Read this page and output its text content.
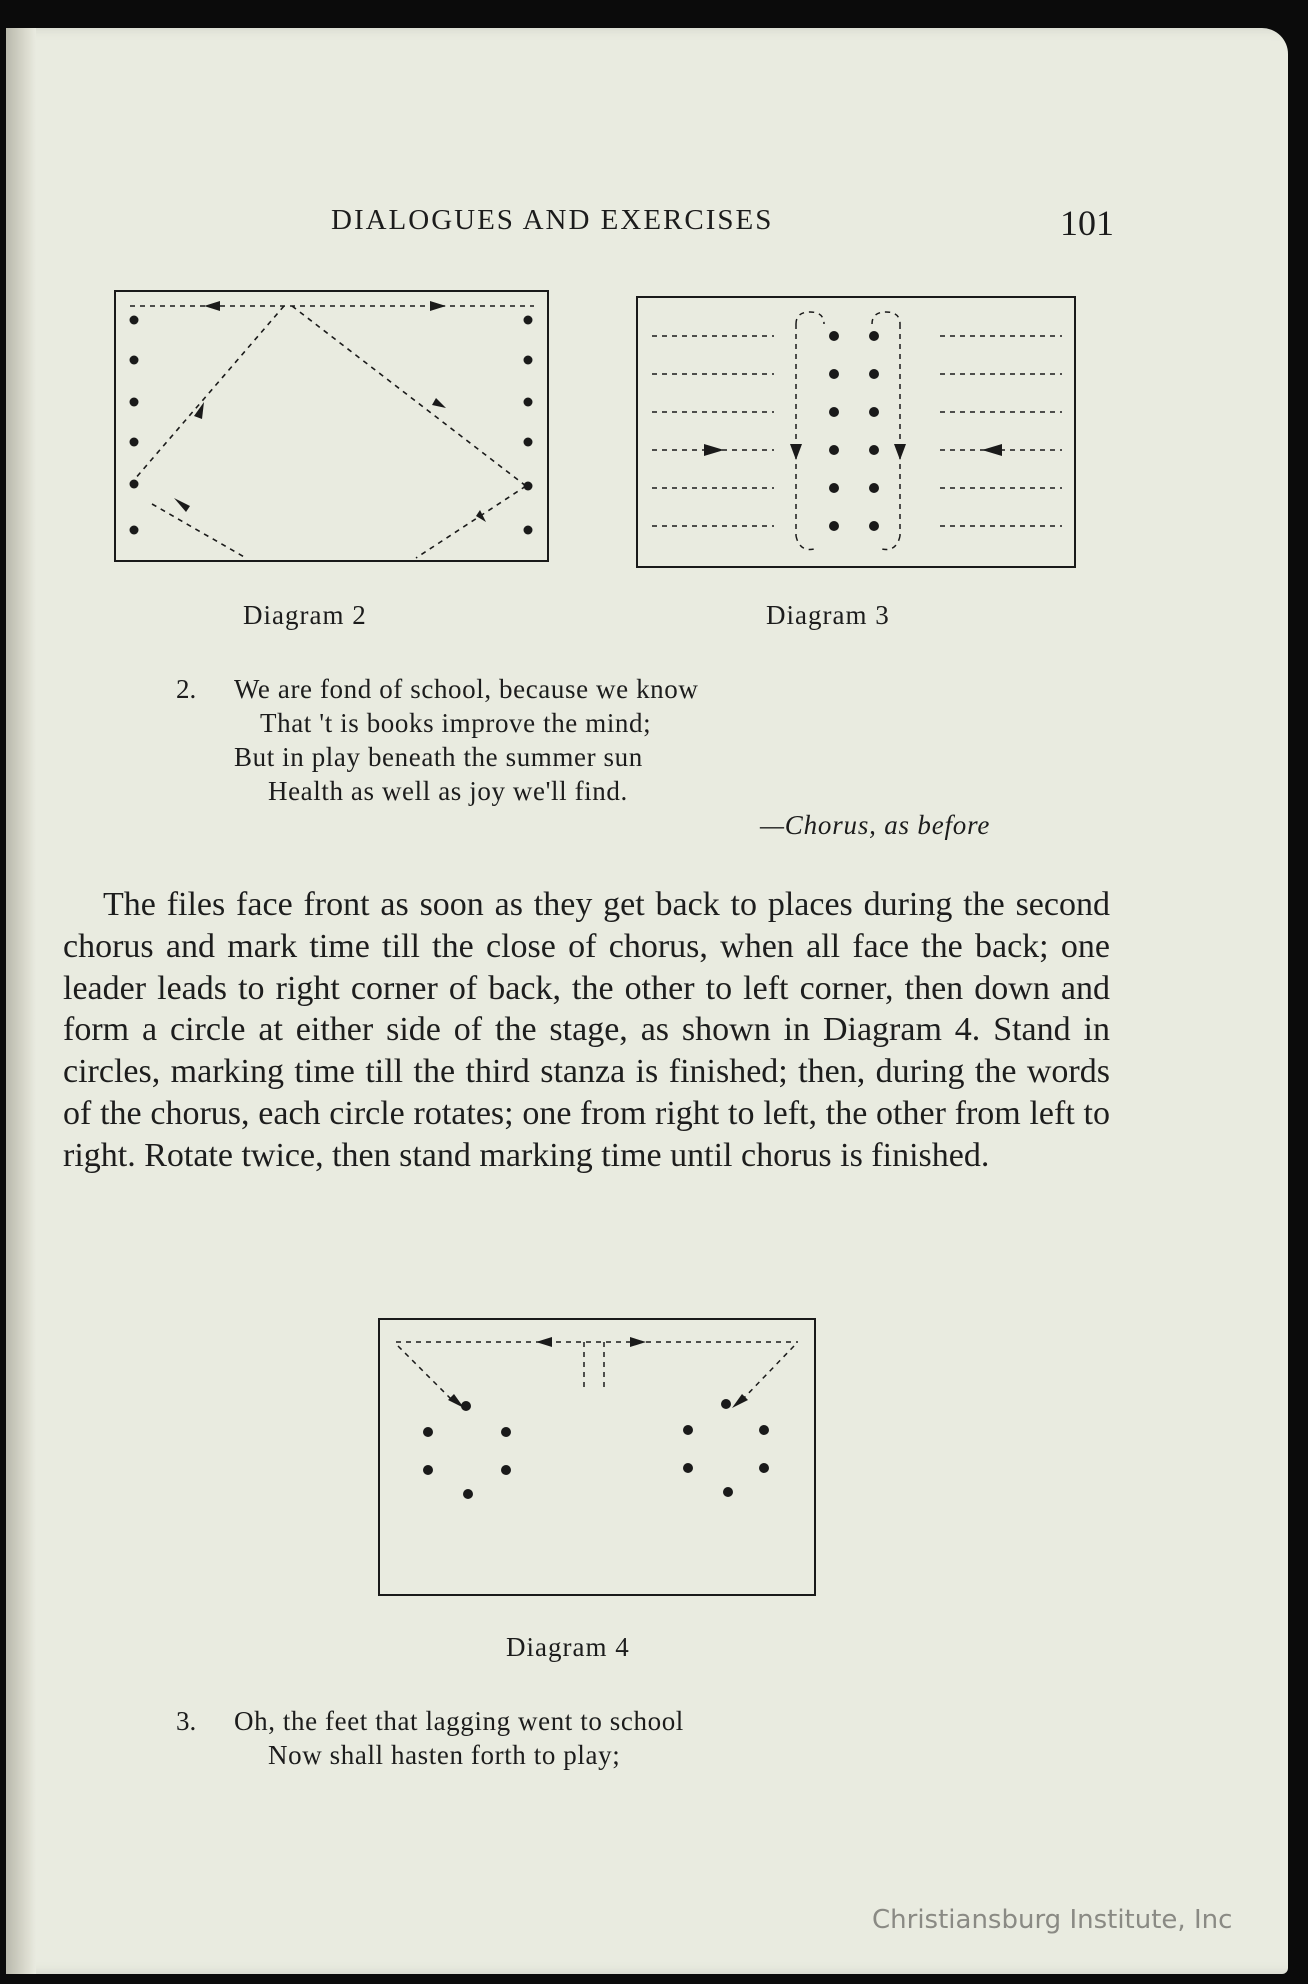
DIALOGUES AND EXERCISES	101
Diagram 2	Diagram 3
2. We are fond of school, because we know
That 't is books improve the mind;
But in play beneath the summer sun
Health as well as joy we'll find.
—Chorus, as before
The files face front as soon as they get back to places during the second chorus and mark time till the close of chorus, when all face the back; one leader leads to right corner of back, the other to left corner, then down and form a circle at either side of the stage, as shown in Diagram 4. Stand in circles, marking time till the third stanza is finished; then, during the words of the chorus, each circle rotates; one from right to left, the other from left to right. Rotate twice, then stand marking time until chorus is finished.
Diagram 4
3. Oh, the feet that lagging went to school
Now shall hasten forth to play;
Christiansburg Institute, Inc
